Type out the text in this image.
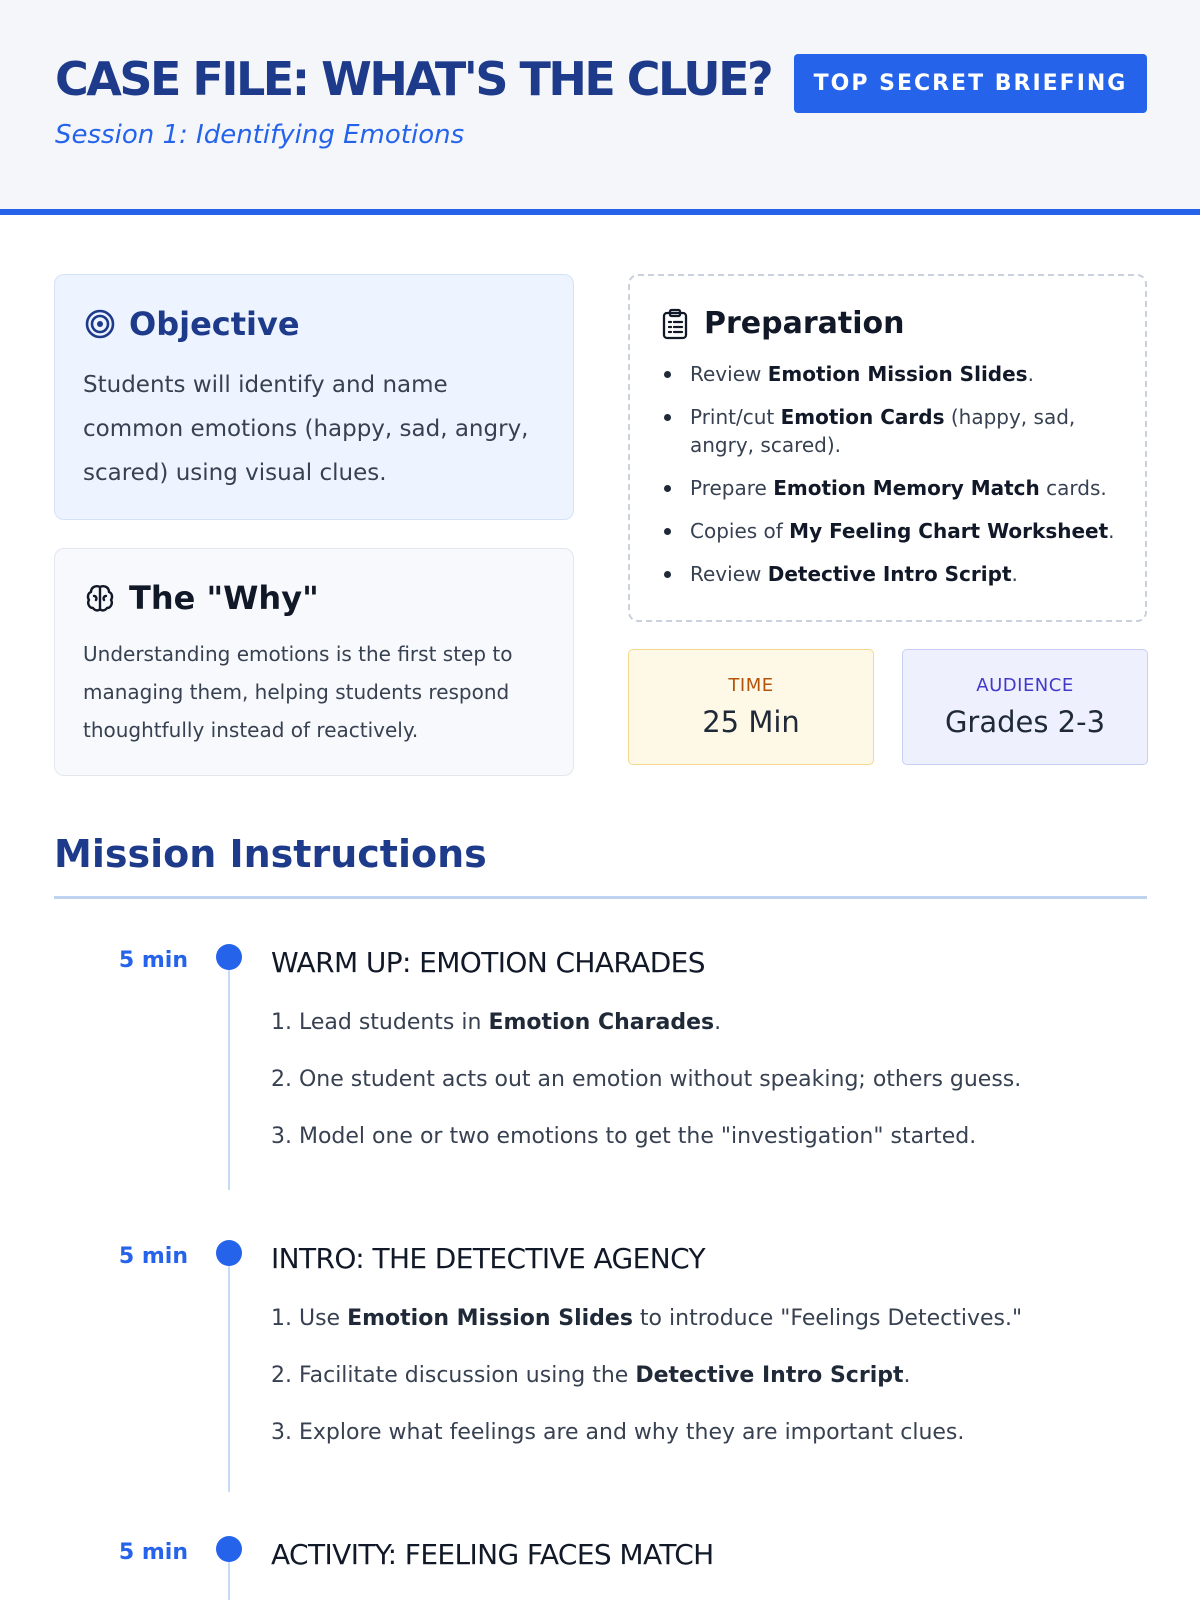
CASE FILE: WHAT'S THE CLUE?
Session 1: Identifying Emotions
TOP SECRET BRIEFING
Objective
Students will identify and name common emotions (happy, sad, angry, scared) using visual clues.
The "Why"
Understanding emotions is the first step to managing them, helping students respond thoughtfully instead of reactively.
Preparation
Review Emotion Mission Slides.
Print/cut Emotion Cards (happy, sad, angry, scared).
Prepare Emotion Memory Match cards.
Copies of My Feeling Chart Worksheet.
Review Detective Intro Script.
TIME
25 Min
AUDIENCE
Grades 2-3
Mission Instructions
5 min	WARM UP: EMOTION CHARADES
1. Lead students in Emotion Charades.
2. One student acts out an emotion without speaking; others guess.
3. Model one or two emotions to get the "investigation" started.
5 min	INTRO: THE DETECTIVE AGENCY
1. Use Emotion Mission Slides to introduce "Feelings Detectives."
2. Facilitate discussion using the Detective Intro Script.
3. Explore what feelings are and why they are important clues.
5 min	ACTIVITY: FEELING FACES MATCH
